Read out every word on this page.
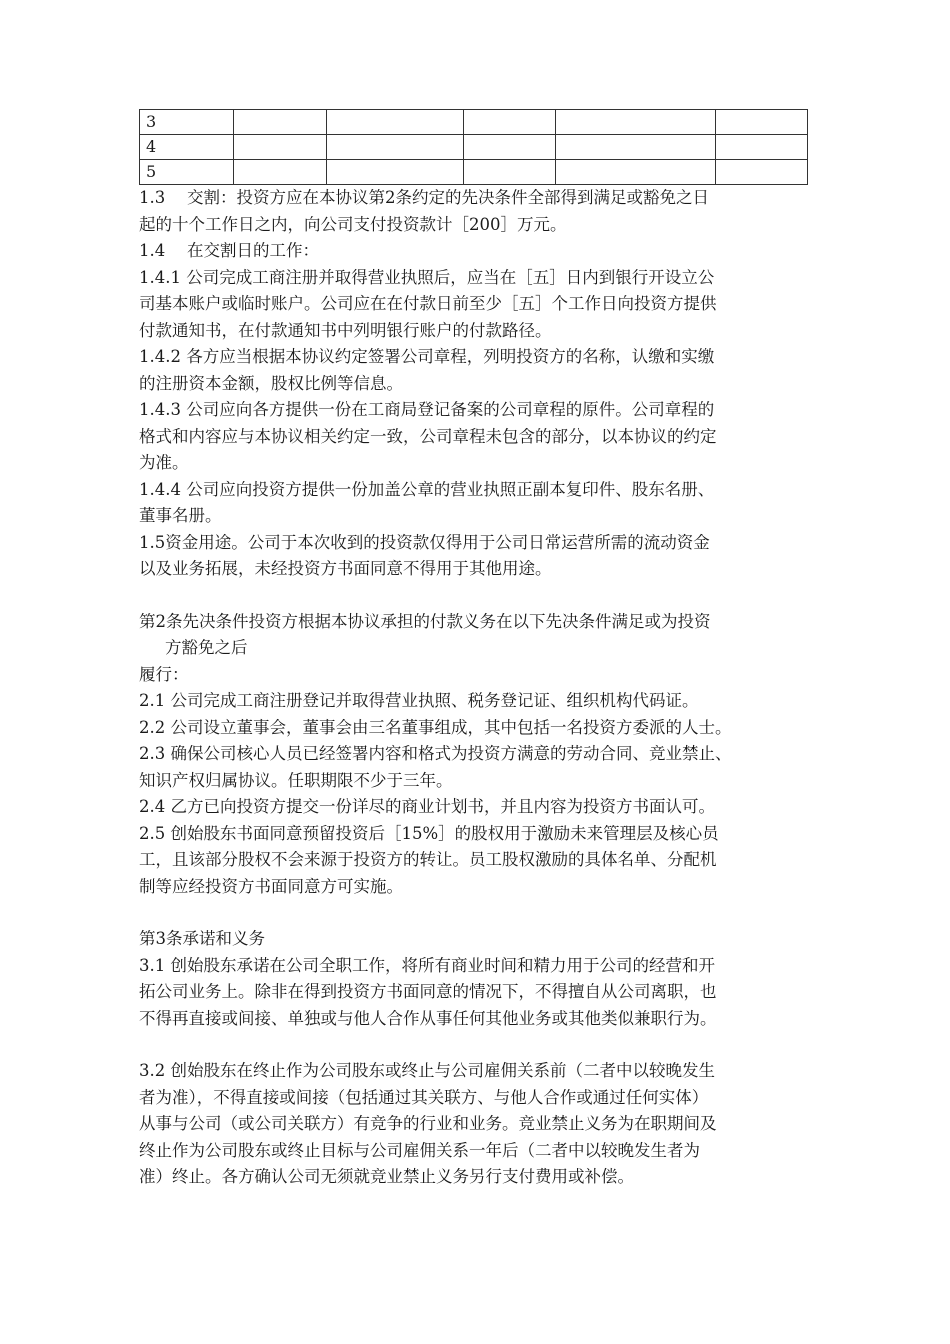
3						
4						
5						

1.3　 交割：投资方应在本协议第2条约定的先决条件全部得到满足或豁免之日

起的十个工作日之内，向公司支付投资款计［200］万元。

1.4　 在交割日的工作：

1.4.1 公司完成工商注册并取得营业执照后，应当在［五］日内到银行开设立公

司基本账户或临时账户。公司应在在付款日前至少［五］个工作日向投资方提供

付款通知书，在付款通知书中列明银行账户的付款路径。

1.4.2 各方应当根据本协议约定签署公司章程，列明投资方的名称，认缴和实缴

的注册资本金额，股权比例等信息。

1.4.3 公司应向各方提供一份在工商局登记备案的公司章程的原件。公司章程的

格式和内容应与本协议相关约定一致，公司章程未包含的部分，以本协议的约定

为准。

1.4.4 公司应向投资方提供一份加盖公章的营业执照正副本复印件、股东名册、

董事名册。

1.5资金用途。公司于本次收到的投资款仅得用于公司日常运营所需的流动资金

以及业务拓展，未经投资方书面同意不得用于其他用途。

第2条先决条件投资方根据本协议承担的付款义务在以下先决条件满足或为投资

方豁免之后

履行：

2.1 公司完成工商注册登记并取得营业执照、税务登记证、组织机构代码证。

2.2 公司设立董事会，董事会由三名董事组成，其中包括一名投资方委派的人士。

2.3 确保公司核心人员已经签署内容和格式为投资方满意的劳动合同、竞业禁止、

知识产权归属协议。任职期限不少于三年。

2.4 乙方已向投资方提交一份详尽的商业计划书，并且内容为投资方书面认可。

2.5 创始股东书面同意预留投资后［15%］的股权用于激励未来管理层及核心员

工，且该部分股权不会来源于投资方的转让。员工股权激励的具体名单、分配机

制等应经投资方书面同意方可实施。

第3条承诺和义务

3.1 创始股东承诺在公司全职工作，将所有商业时间和精力用于公司的经营和开

拓公司业务上。除非在得到投资方书面同意的情况下，不得擅自从公司离职，也

不得再直接或间接、单独或与他人合作从事任何其他业务或其他类似兼职行为。

3.2 创始股东在终止作为公司股东或终止与公司雇佣关系前（二者中以较晚发生

者为准），不得直接或间接（包括通过其关联方、与他人合作或通过任何实体）

从事与公司（或公司关联方）有竞争的行业和业务。竞业禁止义务为在职期间及

终止作为公司股东或终止目标与公司雇佣关系一年后（二者中以较晚发生者为

准）终止。各方确认公司无须就竞业禁止义务另行支付费用或补偿。
